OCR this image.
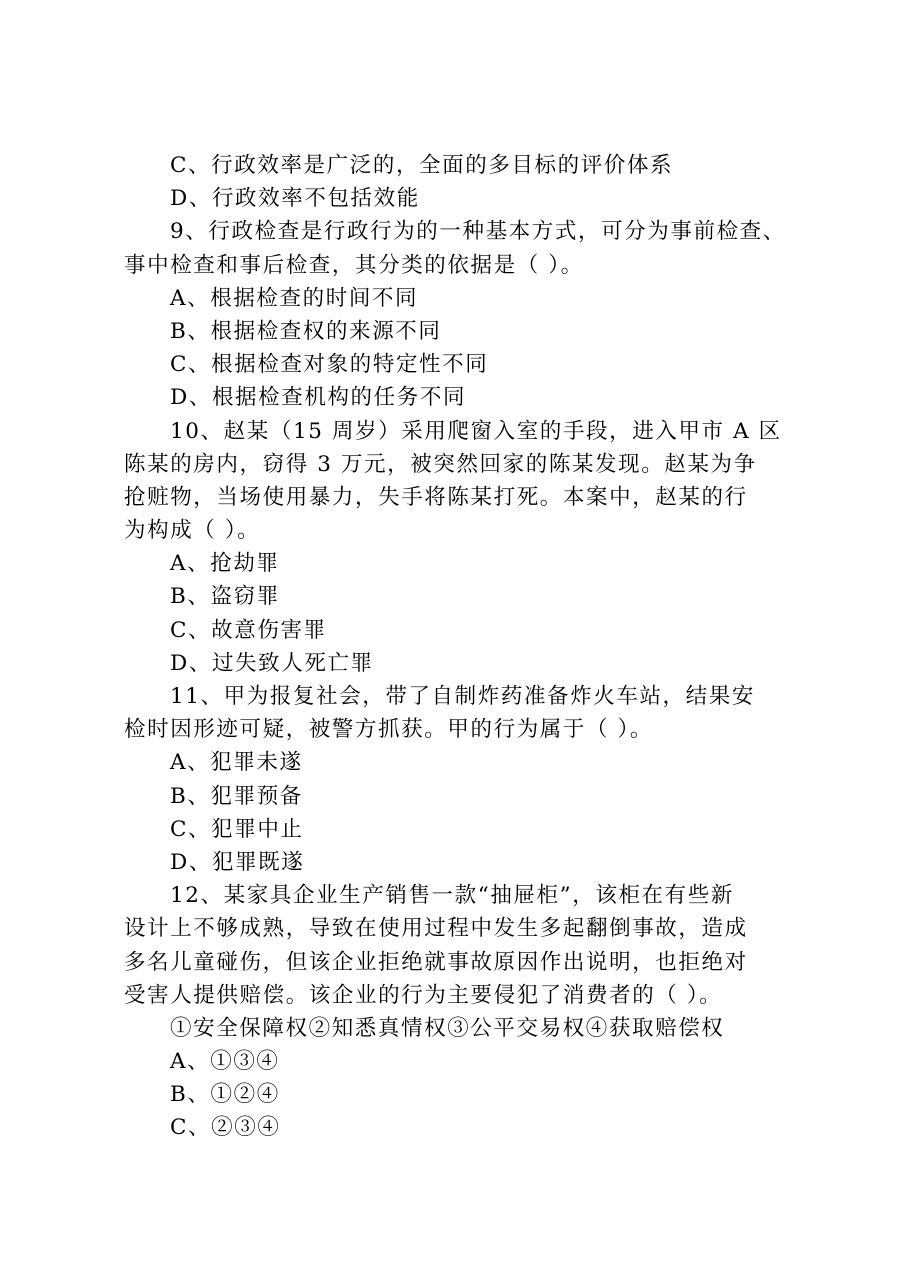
C、行政效率是广泛的，全面的多目标的评价体系
D、行政效率不包括效能
9、行政检查是行政行为的一种基本方式，可分为事前检查、
事中检查和事后检查，其分类的依据是（ ）。
A、根据检查的时间不同
B、根据检查权的来源不同
C、根据检查对象的特定性不同
D、根据检查机构的任务不同
10、赵某（15 周岁）采用爬窗入室的手段，进入甲市 A 区
陈某的房内，窃得 3 万元，被突然回家的陈某发现。赵某为争
抢赃物，当场使用暴力，失手将陈某打死。本案中，赵某的行
为构成（ ）。
A、抢劫罪
B、盗窃罪
C、故意伤害罪
D、过失致人死亡罪
11、甲为报复社会，带了自制炸药准备炸火车站，结果安
检时因形迹可疑，被警方抓获。甲的行为属于（ ）。
A、犯罪未遂
B、犯罪预备
C、犯罪中止
D、犯罪既遂
12、某家具企业生产销售一款“抽屉柜”，该柜在有些新
设计上不够成熟，导致在使用过程中发生多起翻倒事故，造成
多名儿童碰伤，但该企业拒绝就事故原因作出说明，也拒绝对
受害人提供赔偿。该企业的行为主要侵犯了消费者的（ ）。
①安全保障权②知悉真情权③公平交易权④获取赔偿权
A、①③④
B、①②④
C、②③④
